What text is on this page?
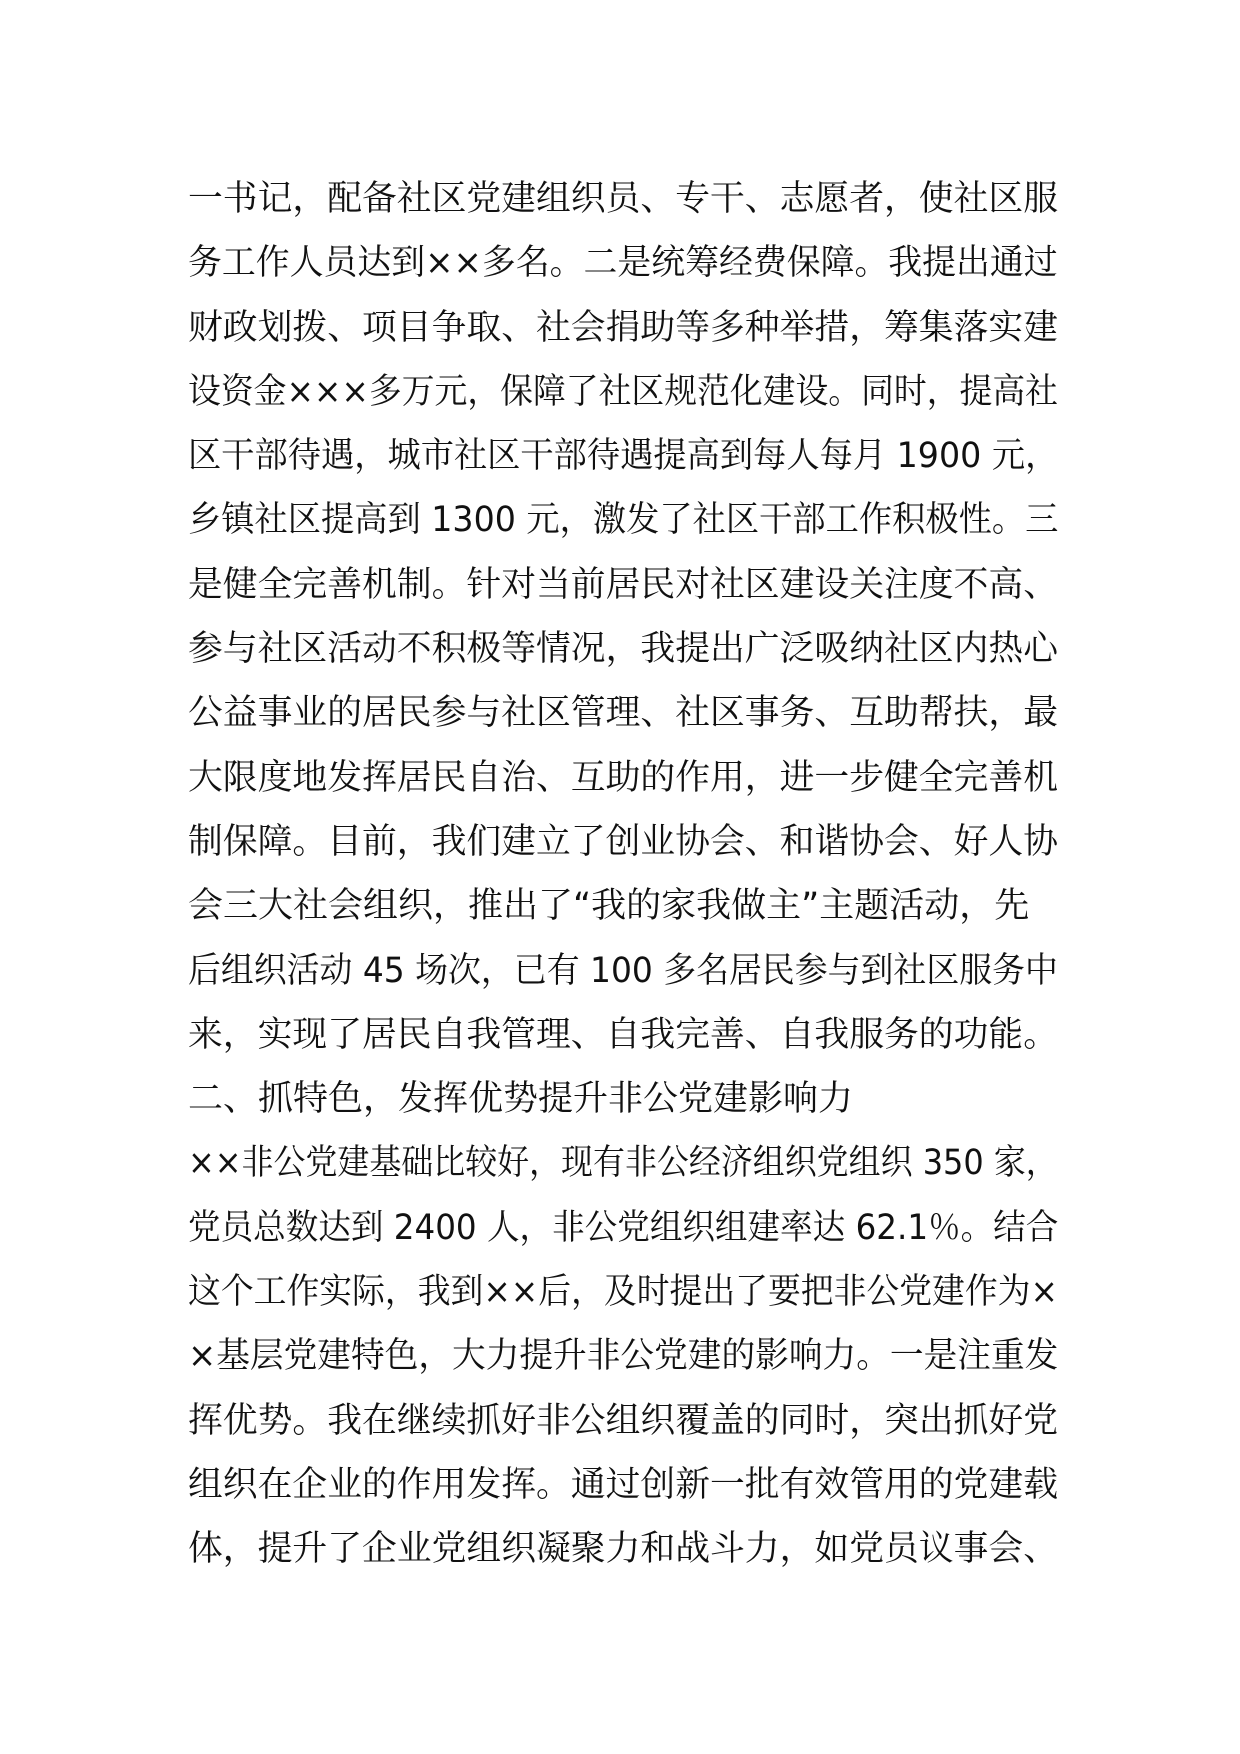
一书记，配备社区党建组织员、专干、志愿者，使社区服
务工作人员达到××多名。二是统筹经费保障。我提出通过
财政划拨、项目争取、社会捐助等多种举措，筹集落实建
设资金×××多万元，保障了社区规范化建设。同时，提高社
区干部待遇，城市社区干部待遇提高到每人每月 1900 元，
乡镇社区提高到 1300 元，激发了社区干部工作积极性。三
是健全完善机制。针对当前居民对社区建设关注度不高、
参与社区活动不积极等情况，我提出广泛吸纳社区内热心
公益事业的居民参与社区管理、社区事务、互助帮扶，最
大限度地发挥居民自治、互助的作用，进一步健全完善机
制保障。目前，我们建立了创业协会、和谐协会、好人协
会三大社会组织，推出了“我的家我做主”主题活动，先
后组织活动 45 场次，已有 100 多名居民参与到社区服务中
来，实现了居民自我管理、自我完善、自我服务的功能。
二、抓特色，发挥优势提升非公党建影响力
××非公党建基础比较好，现有非公经济组织党组织 350 家，
党员总数达到 2400 人，非公党组织组建率达 62.1％。结合
这个工作实际，我到××后，及时提出了要把非公党建作为×
×基层党建特色，大力提升非公党建的影响力。一是注重发
挥优势。我在继续抓好非公组织覆盖的同时，突出抓好党
组织在企业的作用发挥。通过创新一批有效管用的党建载
体，提升了企业党组织凝聚力和战斗力，如党员议事会、
